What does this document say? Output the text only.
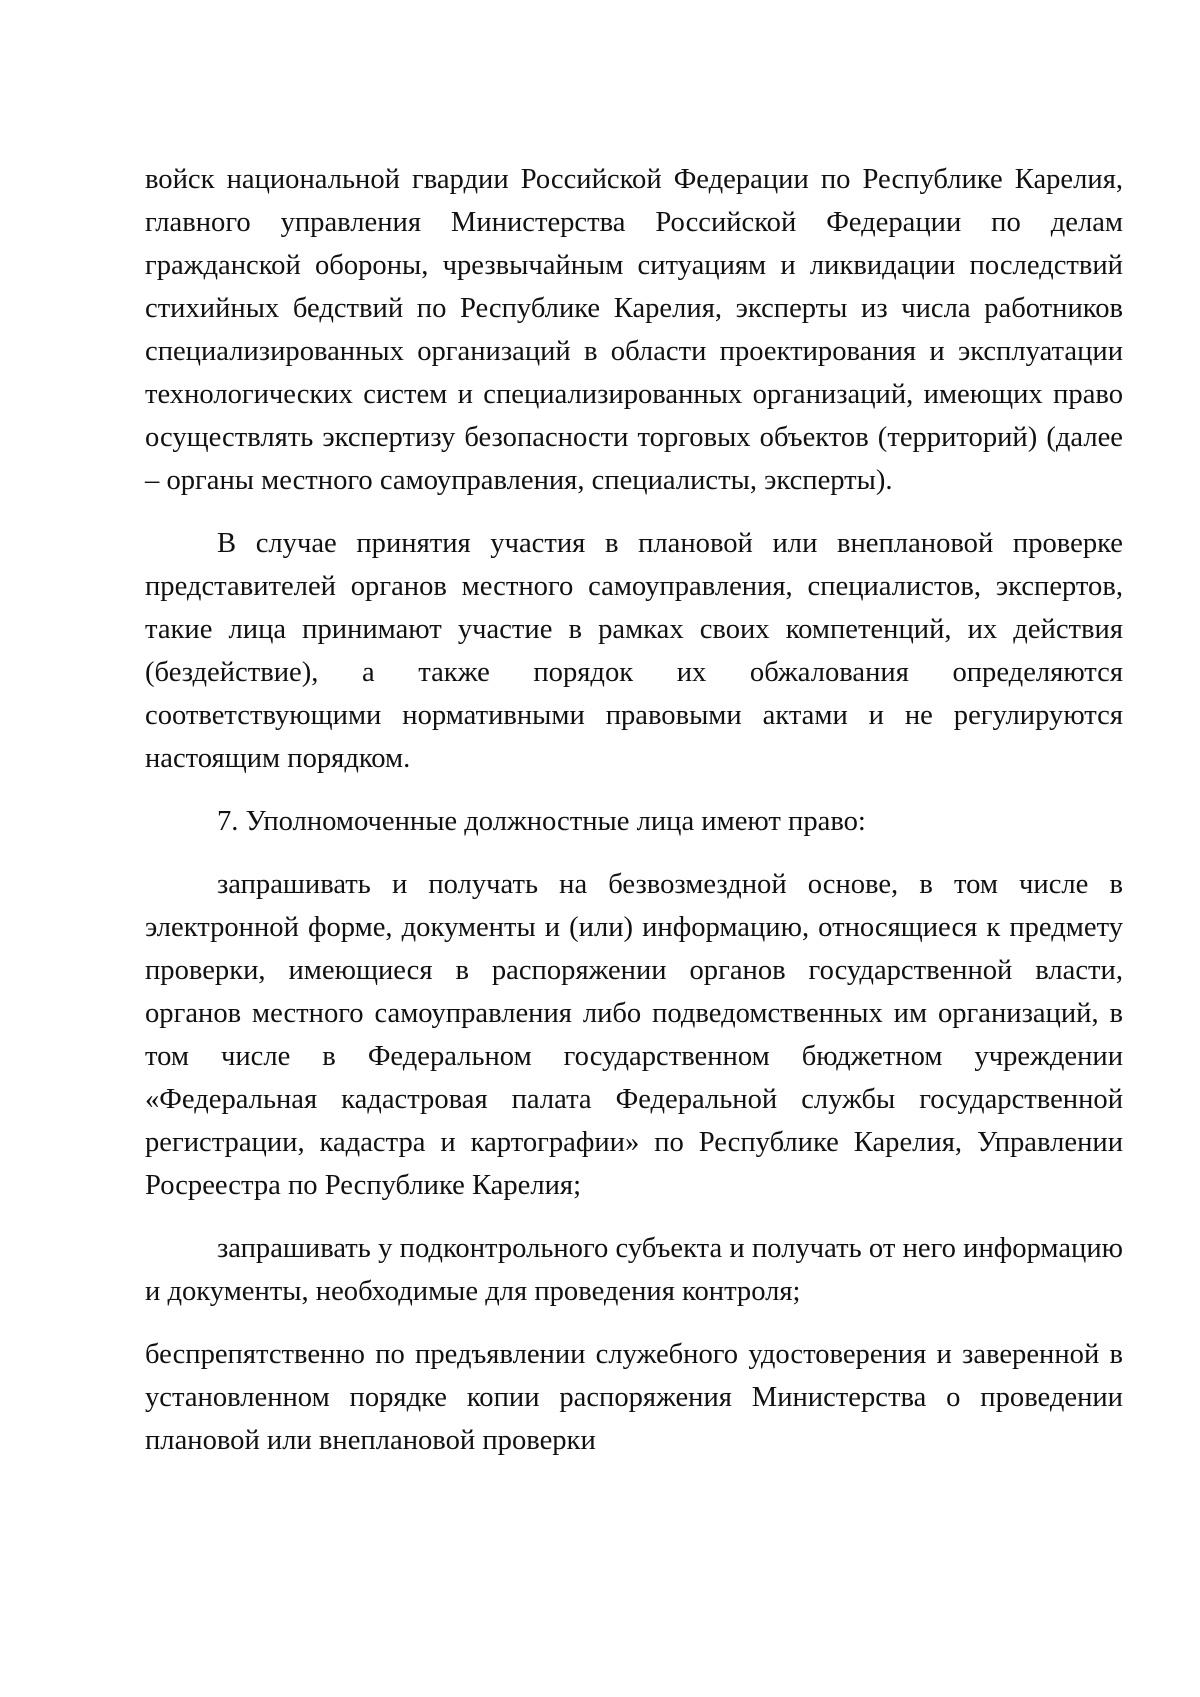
войск национальной гвардии Российской Федерации по Республике Карелия, главного управления Министерства Российской Федерации по делам гражданской обороны, чрезвычайным ситуациям и ликвидации последствий стихийных бедствий по Республике Карелия, эксперты из числа работников специализированных организаций в области проектирования и эксплуатации технологических систем и специализированных организаций, имеющих право осуществлять экспертизу безопасности торговых объектов (территорий) (далее – органы местного самоуправления, специалисты, эксперты).

В случае принятия участия в плановой или внеплановой проверке представителей органов местного самоуправления, специалистов, экспертов, такие лица принимают участие в рамках своих компетенций, их действия (бездействие), а также порядок их обжалования определяются соответствующими нормативными правовыми актами и не регулируются настоящим порядком.

7. Уполномоченные должностные лица имеют право:

запрашивать и получать на безвозмездной основе, в том числе в электронной форме, документы и (или) информацию, относящиеся к предмету проверки, имеющиеся в распоряжении органов государственной власти, органов местного самоуправления либо подведомственных им организаций, в том числе в Федеральном государственном бюджетном учреждении «Федеральная кадастровая палата Федеральной службы государственной регистрации, кадастра и картографии» по Республике Карелия, Управлении Росреестра по Республике Карелия;

запрашивать у подконтрольного субъекта и получать от него информацию и документы, необходимые для проведения контроля;

беспрепятственно по предъявлении служебного удостоверения и заверенной в установленном порядке копии распоряжения Министерства о проведении плановой или внеплановой проверки
